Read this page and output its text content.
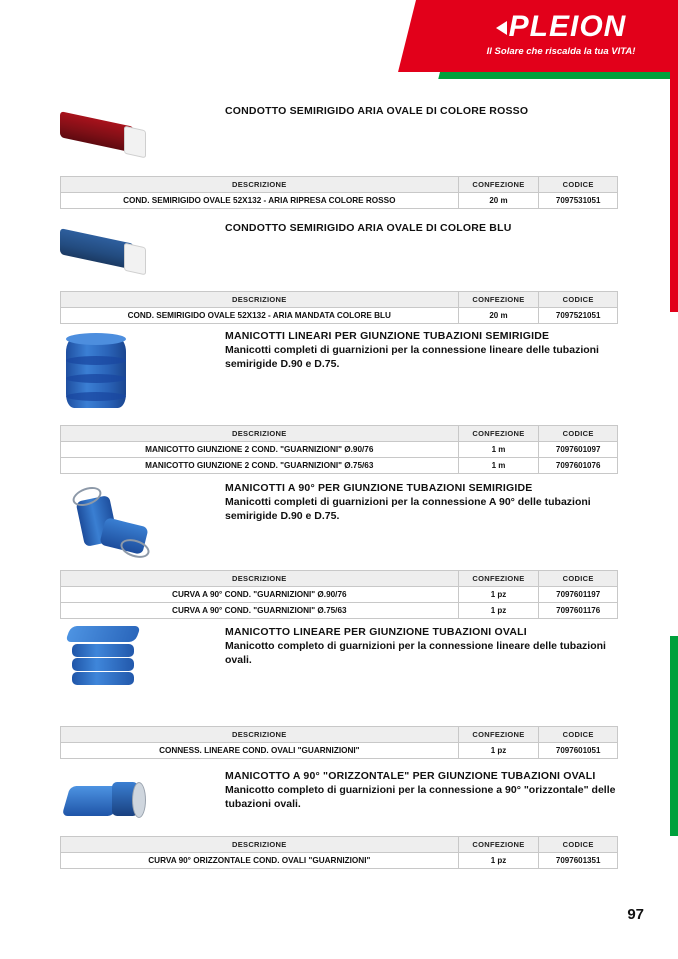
PLEION
Il Solare che riscalda la tua VITA!
CONDOTTO SEMIRIGIDO ARIA OVALE DI COLORE ROSSO
DESCRIZIONE	CONFEZIONE	CODICE
COND. SEMIRIGIDO OVALE 52X132 - ARIA RIPRESA COLORE ROSSO	20 m	7097531051
CONDOTTO SEMIRIGIDO ARIA OVALE DI COLORE BLU
DESCRIZIONE	CONFEZIONE	CODICE
COND. SEMIRIGIDO OVALE 52X132 - ARIA MANDATA COLORE BLU	20 m	7097521051
MANICOTTI LINEARI PER GIUNZIONE TUBAZIONI SEMIRIGIDE
Manicotti completi di guarnizioni per la connessione lineare delle tubazioni semirigide D.90 e D.75.
DESCRIZIONE	CONFEZIONE	CODICE
MANICOTTO GIUNZIONE 2 COND. "GUARNIZIONI" Ø.90/76	1 m	7097601097
MANICOTTO GIUNZIONE 2 COND. "GUARNIZIONI" Ø.75/63	1 m	7097601076
MANICOTTI A 90° PER GIUNZIONE TUBAZIONI SEMIRIGIDE
Manicotti completi di guarnizioni per la connessione A 90° delle tubazioni semirigide D.90 e D.75.
DESCRIZIONE	CONFEZIONE	CODICE
CURVA A 90° COND. "GUARNIZIONI" Ø.90/76	1 pz	7097601197
CURVA A 90° COND. "GUARNIZIONI" Ø.75/63	1 pz	7097601176
MANICOTTO LINEARE PER GIUNZIONE TUBAZIONI OVALI
Manicotto completo di guarnizioni per la connessione lineare delle tubazioni ovali.
DESCRIZIONE	CONFEZIONE	CODICE
CONNESS. LINEARE COND. OVALI "GUARNIZIONI"	1 pz	7097601051
MANICOTTO A 90° "ORIZZONTALE" PER GIUNZIONE TUBAZIONI OVALI
Manicotto completo di guarnizioni per la connessione a 90° "orizzontale" delle tubazioni ovali.
DESCRIZIONE	CONFEZIONE	CODICE
CURVA 90° ORIZZONTALE COND. OVALI "GUARNIZIONI"	1 pz	7097601351
97
